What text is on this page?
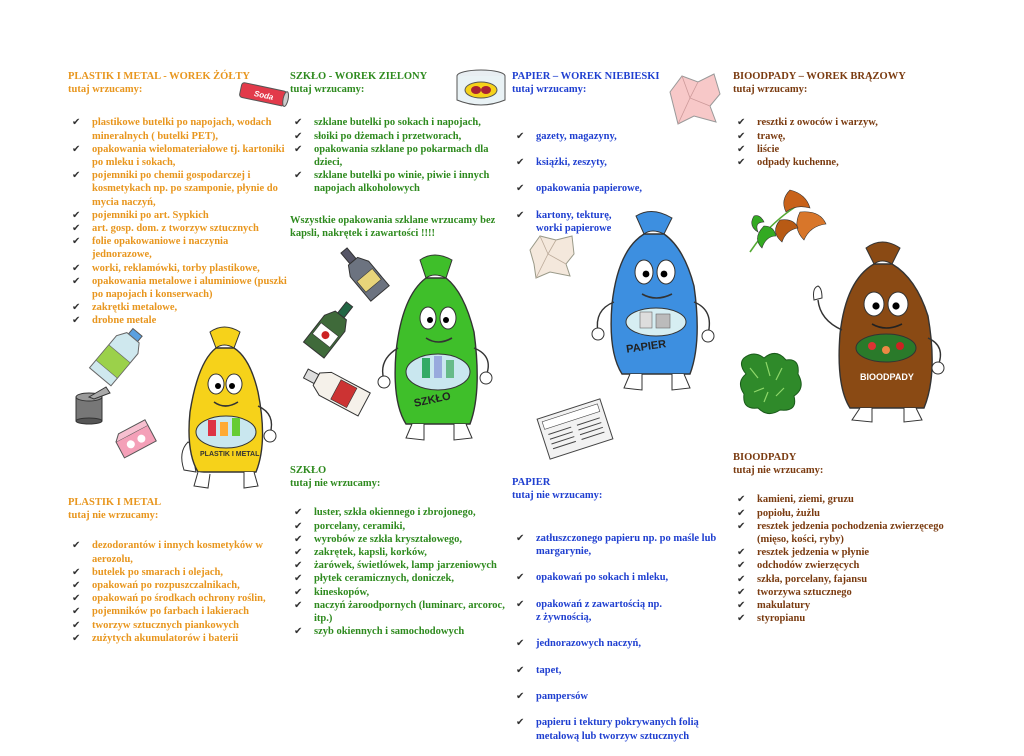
PLASTIK I METAL - WOREK ŻÓŁTY
tutaj wrzucamy:
✔ plastikowe butelki po napojach, wodach mineralnych ( butelki PET),
✔ opakowania wielomateriałowe tj. kartoniki po mleku i sokach,
✔ pojemniki po chemii gospodarczej i kosmetykach np. po szamponie, płynie do mycia naczyń,
✔ pojemniki po art. Sypkich
✔ art. gosp. dom. z tworzyw sztucznych
✔ folie opakowaniowe i naczynia jednorazowe,
✔ worki, reklamówki, torby plastikowe,
✔ opakowania metalowe i aluminiowe (puszki po napojach i konserwach)
✔ zakrętki metalowe,
✔ drobne metale
PLASTIK I METAL
tutaj nie wrzucamy:
✔ dezodorantów i innych kosmetyków w aerozolu,
✔ butelek po smarach i olejach,
✔ opakowań po rozpuszczalnikach,
✔ opakowań po środkach ochrony roślin,
✔ pojemników po farbach i lakierach
✔ tworzyw sztucznych piankowych
✔ zużytych akumulatorów i baterii
Soda
PLASTIK I METAL
SZKŁO - WOREK ZIELONY
tutaj wrzucamy:
✔ szklane butelki po sokach i napojach,
✔ słoiki po dżemach i przetworach,
✔ opakowania szklane po pokarmach dla dzieci,
✔ szklane butelki po winie, piwie i innych napojach alkoholowych
Wszystkie opakowania szklane wrzucamy bez kapsli, nakrętek i zawartości !!!!
SZKŁO
tutaj nie wrzucamy:
✔ luster, szkła okiennego i zbrojonego,
✔ porcelany, ceramiki,
✔ wyrobów ze szkła kryształowego,
✔ zakrętek, kapsli, korków,
✔ żarówek, świetlówek, lamp jarzeniowych
✔ płytek ceramicznych, doniczek,
✔ kineskopów,
✔ naczyń żaroodpornych (luminarc, arcoroc, itp.)
✔ szyb okiennych i samochodowych
SZKŁO
PAPIER – WOREK NIEBIESKI
tutaj wrzucamy:

✔ gazety, magazyny,

✔ książki, zeszyty,

✔ opakowania papierowe,

✔ kartony, tekturę,
worki papierowe

PAPIER
tutaj nie wrzucamy:

✔ zatłuszczonego papieru np. po maśle lub margarynie,

✔ opakowań po sokach i mleku,

✔ opakowań z zawartością np.
z żywnością,

✔ jednorazowych naczyń,

✔ tapet,

✔ pampersów

✔ papieru i tektury pokrywanych folią metalową lub tworzyw sztucznych

PAPIER
BIOODPADY – WOREK BRĄZOWY
tutaj wrzucamy:
✔ resztki z owoców i warzyw,
✔ trawę,
✔ liście
✔ odpady kuchenne,
BIOODPADY
tutaj nie wrzucamy:
✔ kamieni, ziemi, gruzu
✔ popiołu, żużlu
✔ resztek jedzenia pochodzenia zwierzęcego (mięso, kości, ryby)
✔ resztek jedzenia w płynie
✔ odchodów zwierzęcych
✔ szkła, porcelany, fajansu
✔ tworzywa sztucznego
✔ makulatury
✔ styropianu
BIOODPADY
